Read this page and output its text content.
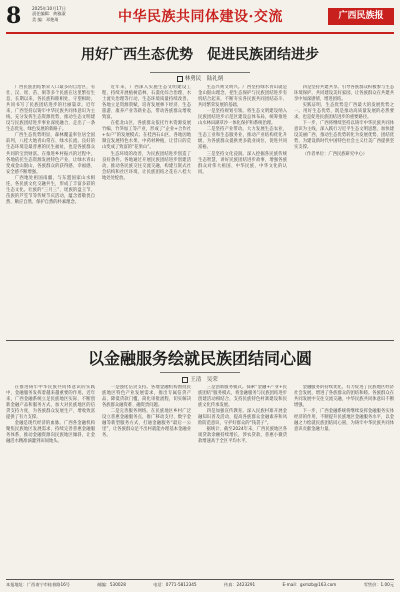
8	2025年10月17日
责任编辑：黄雅淑
美 编：邓艳琦	中华民族共同体建设·交流	广西民族报
用好广西生态优势　促进民族团结进步
林勇民　陆礼炳

广西民族团结繁荣人口最多的自治区，有壮、汉、瑶、苗、侗等多个民族在这里繁衍生息，长期以来，各民族和睦相处，守望相助，共同书写了民族团结进步的壮丽篇章。近年来，广西坚持以铸牢中华民族共同体意识为主线，充分发挥生态资源优势，推动生态文明建设与民族团结进步事业深度融合，走出了一条生态优先、绿色发展的新路子。

广西生态优势明显，森林覆盖率位居全国前列，八桂大地青山常在、绿水长流。良好的生态环境是最普惠的民生福祉，也是各族群众共同的宝贵财富。在推进乡村振兴的过程中，各地依托生态资源发展特色产业，让绿水青山变成金山银山，各族群众的获得感、幸福感、安全感不断增强。

广西地处祖国南疆，与东盟国家山水相连，各民族文化交融共生，形成了丰富多彩的生态文化。壮族的“三月三”、瑶族的盘王节、苗族的芦笙节等传统节庆活动，蕴含着敬畏自然、顺应自然、保护自然的朴素理念。

近年来，广西深入实施生态文明建设工程，持续开展植树造林、石漠化综合治理、水土流失治理等行动，生态环境质量持续改善。各地立足资源禀赋，培育发展林下经济、生态旅游、康养产业等新业态，带动各族群众增收致富。

在桂北山区，各族群众依托竹木资源发展竹编、竹笋加工等产业，形成了“企业+合作社+农户”的发展模式；在桂西石山区，各地因地制宜发展特色水果、中药材种植，让昔日的荒山变成了致富的“花果山”。

生态环境的改善，为民族团结进步创造了良好条件。各地通过开展民族团结进步创建活动，推动各民族交往交流交融，构建互嵌式社会结构和社区环境，让民族团结之花在八桂大地处处绽放。

生态兴则文明兴。广西坚持绿水青山就是金山银山理念，把生态保护与民族团结进步有机结合起来，不断夯实各民族共同团结奋斗、共同繁荣发展的基础。

一是坚持规划引领。将生态文明建设纳入民族团结进步示范区建设总体布局，统筹推进山水林田湖草沙一体化保护和系统治理。

二是坚持产业带动。大力发展生态农业、生态工业和生态服务业，推动产业结构优化升级，为各族群众提供更多就业岗位，促进共同富裕。

三是坚持文化浸润。深入挖掘各民族传统生态智慧，讲好民族团结进步故事，增强各族群众对伟大祖国、中华民族、中华文化的认同。

四是坚持共建共享。引导各族群众积极参与生态环境保护，共同建设美好家园，让各族群众在共建共享中加深感情、增进团结。

实践证明，生态优势是广西最大的发展优势之一。用好生态优势，既是推动高质量发展的必然要求，也是促进民族团结进步的重要路径。

下一步，广西将继续坚持以铸牢中华民族共同体意识为主线，深入践行习近平生态文明思想，加快建设美丽广西，推动生态优势转化为发展优势、团结优势，为建设新时代中国特色社会主义壮美广西提供坚实支撑。

（作者单位：广西民族研究中心）

以金融服务绘就民族团结同心圆
王清　吴荣

在推进铸牢中华民族共同体意识的实践中，金融服务发挥着越来越重要的作用。近年来，广西金融系统立足民族地区实际，不断创新金融产品和服务方式，加大对民族地区的信贷支持力度，为各族群众发展生产、增收致富提供了有力支撑。

金融是现代经济的血脉。广西各金融机构聚焦民族地区发展需求，持续完善普惠金融服务体系，推动金融资源向民族地区倾斜，让金融活水精准滴灌到田间地头。

一是强化信贷支持。各地金融机构围绕民族地区特色产业发展需求，推出专属信贷产品，降低贷款门槛，简化审批流程，切实解决各族群众融资难、融资贵问题。

二是完善服务网络。在民族地区乡村广泛设立普惠金融服务点，推广移动支付、数字金融等新型服务方式，打通金融服务“最后一公里”，让各族群众足不出村就能办理基本金融业务。

三是创新服务模式。探索“金融+产业+民族团结”服务模式，将金融服务与民族团结进步创建活动相结合，支持民族特色村寨建设和民族文化传承发展。

四是加强宣传教育。深入民族村寨开展金融知识普及活动，提高各族群众金融素养和风险防范意识，守护好群众的“钱袋子”。

据统计，截至2024年末，广西民族地区各项贷款余额持续增长，涉农贷款、普惠小微贷款增速高于全区平均水平。

金融服务的持续优化，有力促进了民族地区经济社会发展，增进了各族群众的团结和睦。各族群众在共同发展中交往交流交融，中华民族共同体意识不断增强。

下一步，广西金融系统将继续发挥金融服务实体经济的作用，不断提升民族地区金融服务水平，以金融之力绘就民族团结同心圆，为铸牢中华民族共同体意识贡献金融力量。

本报地址：广西南宁市桂春路16号	邮编：530028	电话：0771-5812345	传真：2423291	E-mail：gxmzb@163.com	零售价：1.00元
